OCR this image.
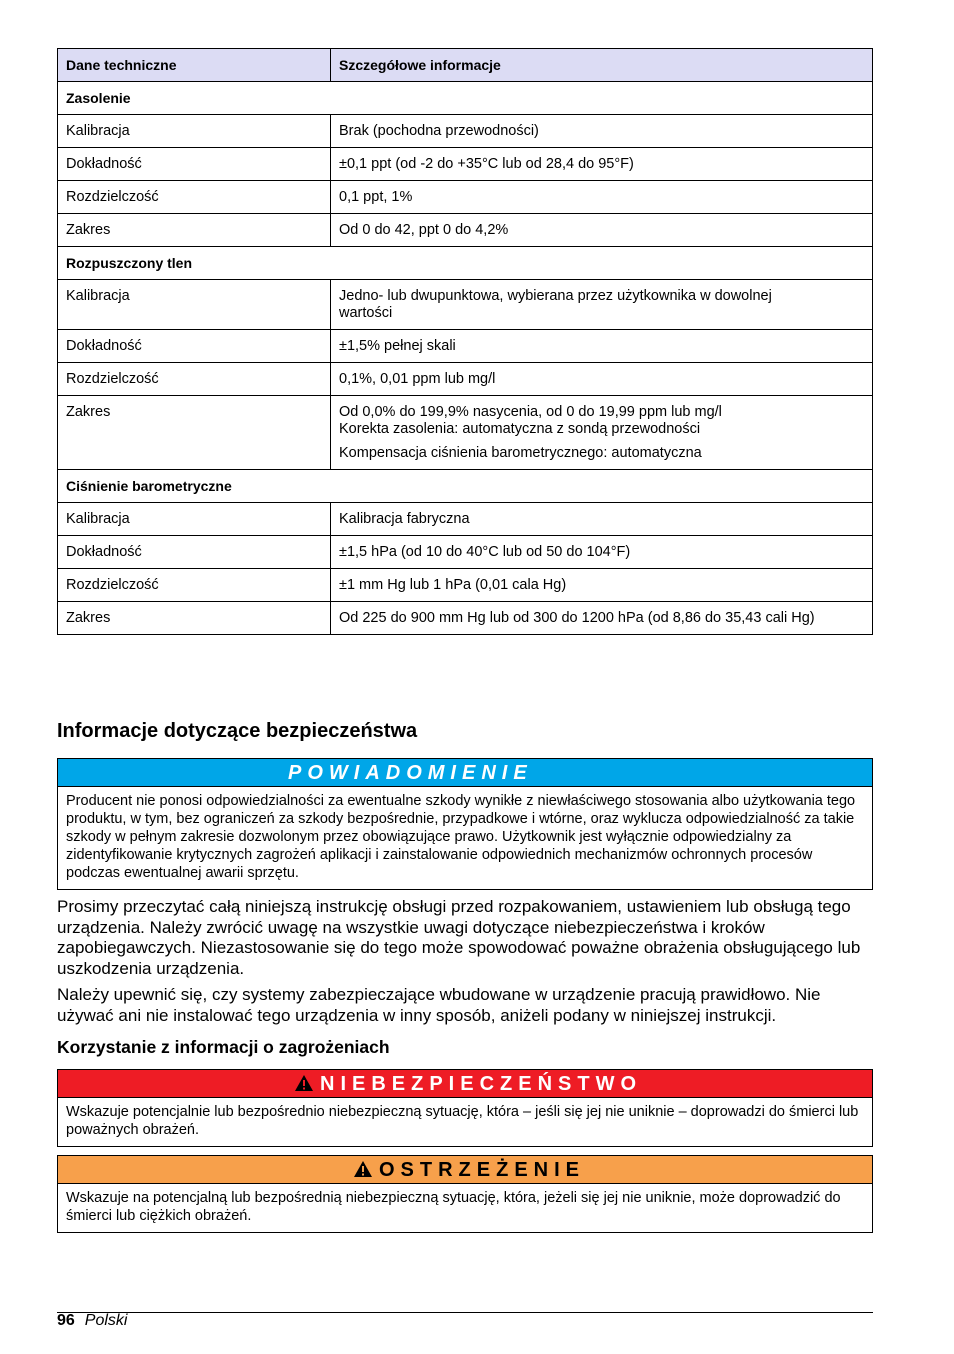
Dane techniczne	Szczegółowe informacje
Zasolenie	
Kalibracja	Brak (pochodna przewodności)

Dokładność	±0,1 ppt (od -2 do +35°C lub od 28,4 do 95°F)

Rozdzielczość	0,1 ppt, 1%

Zakres	Od 0 do 42, ppt 0 do 4,2%

Rozpuszczony tlen	
Kalibracja	Jedno- lub dwupunktowa, wybierana przez użytkownika w dowolnej
wartości

Dokładność	±1,5% pełnej skali

Rozdzielczość	0,1%, 0,01 ppm lub mg/l

Zakres	Od 0,0% do 199,9% nasycenia, od 0 do 19,99 ppm lub mg/l
Korekta zasolenia: automatyczna z sondą przewodności
Kompensacja ciśnienia barometrycznego: automatyczna

Ciśnienie barometryczne	
Kalibracja	Kalibracja fabryczna

Dokładność	±1,5 hPa (od 10 do 40°C lub od 50 do 104°F)

Rozdzielczość	±1 mm Hg lub 1 hPa (0,01 cala Hg)

Zakres	Od 225 do 900 mm Hg lub od 300 do 1200 hPa (od 8,86 do 35,43 cali Hg)
Informacje dotyczące bezpieczeństwa
POWIADOMIENIE
Producent nie ponosi odpowiedzialności za ewentualne szkody wynikłe z niewłaściwego stosowania albo użytkowania tego produktu, w tym, bez ograniczeń za szkody bezpośrednie, przypadkowe i wtórne, oraz wyklucza odpowiedzialność za takie szkody w pełnym zakresie dozwolonym przez obowiązujące prawo. Użytkownik jest wyłącznie odpowiedzialny za zidentyfikowanie krytycznych zagrożeń aplikacji i zainstalowanie odpowiednich mechanizmów ochronnych procesów podczas ewentualnej awarii sprzętu.

Prosimy przeczytać całą niniejszą instrukcję obsługi przed rozpakowaniem, ustawieniem lub obsługą tego urządzenia. Należy zwrócić uwagę na wszystkie uwagi dotyczące niebezpieczeństwa i kroków zapobiegawczych. Niezastosowanie się do tego może spowodować poważne obrażenia obsługującego lub uszkodzenia urządzenia.

Należy upewnić się, czy systemy zabezpieczające wbudowane w urządzenie pracują prawidłowo. Nie używać ani nie instalować tego urządzenia w inny sposób, aniżeli podany w niniejszej instrukcji.

Korzystanie z informacji o zagrożeniach
NIEBEZPIECZEŃSTWO
Wskazuje potencjalnie lub bezpośrednio niebezpieczną sytuację, która – jeśli się jej nie uniknie – doprowadzi do śmierci lub poważnych obrażeń.
OSTRZEŻENIE
Wskazuje na potencjalną lub bezpośrednią niebezpieczną sytuację, która, jeżeli się jej nie uniknie, może doprowadzić do śmierci lub ciężkich obrażeń.
96 Polski
